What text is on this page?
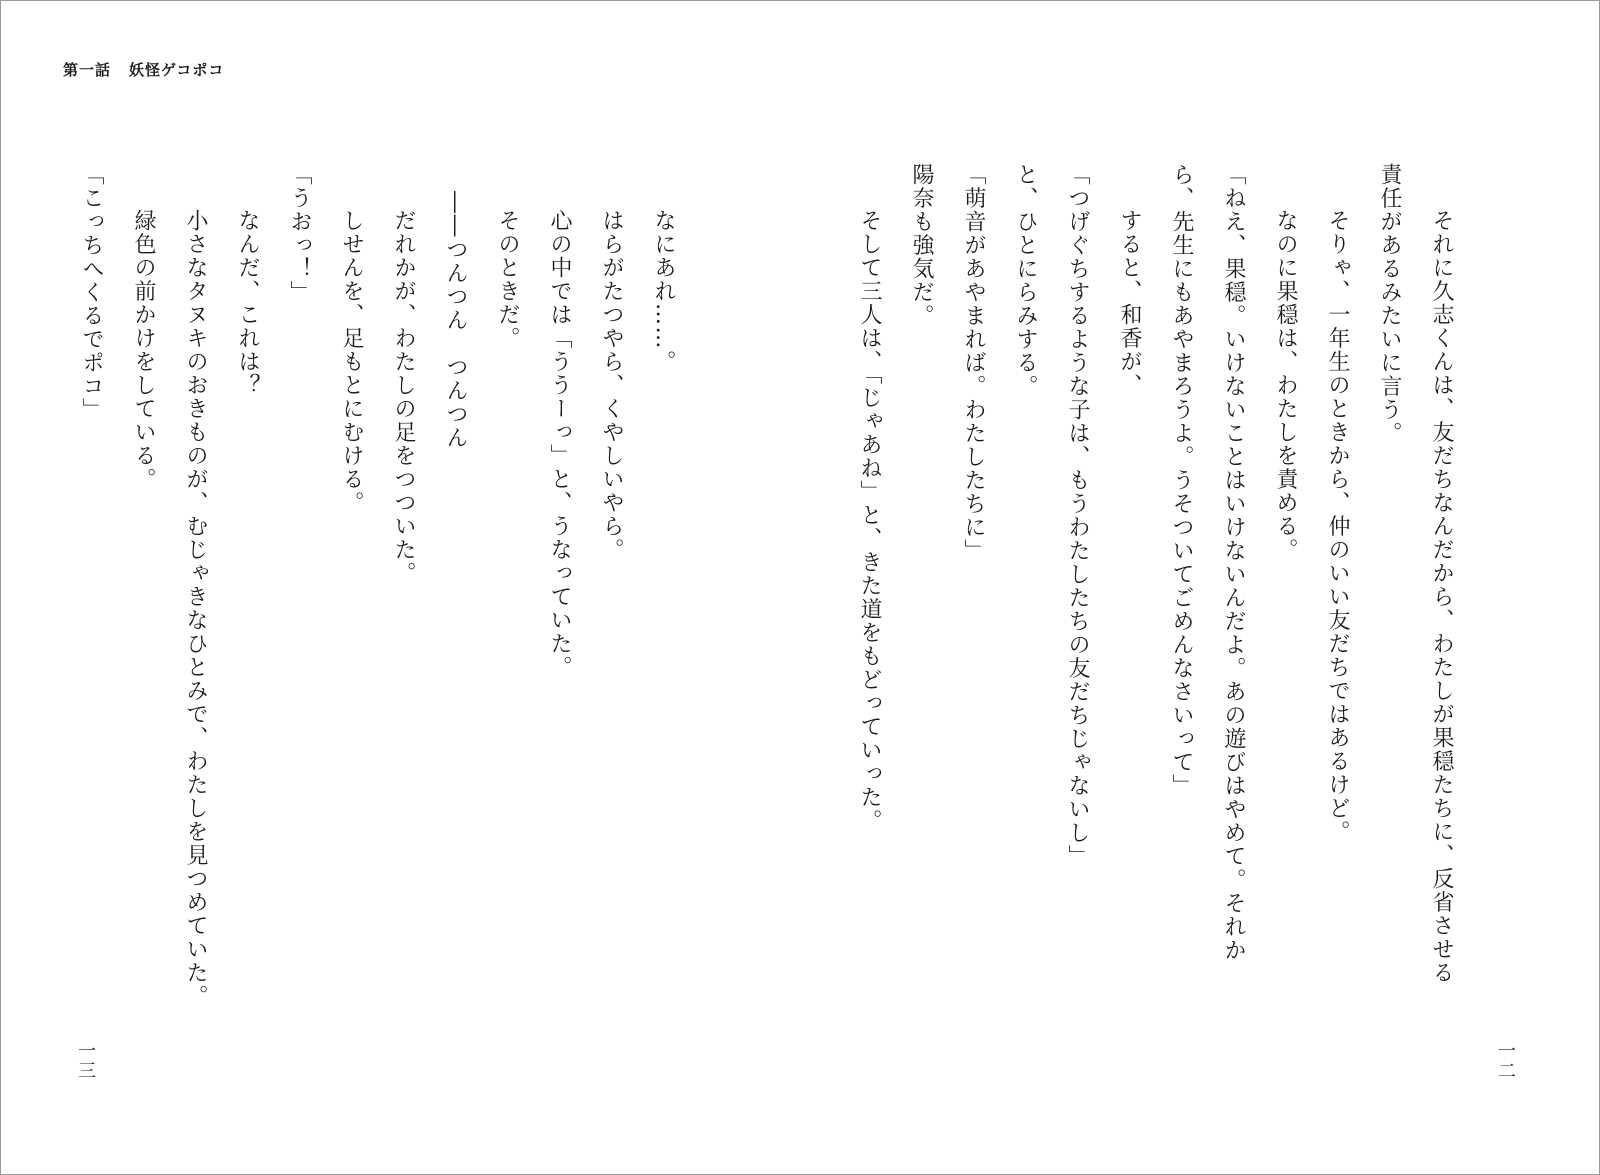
第一話 妖怪ゲコポコ
それに久志くんは、友だちなんだから、わたしが果穏たちに、反省させる
責任があるみたいに言う。
そりゃ、一年生のときから、仲のいい友だちではあるけど。
なのに果穏は、わたしを責める。
「ねえ、果穏。いけないことはいけないんだよ。あの遊びはやめて。それか
ら、先生にもあやまろうよ。うそついてごめんなさいって」
すると、和香が、
「つげぐちするような子は、もうわたしたちの友だちじゃないし」
と、ひとにらみする。
「萌音があやまれば。わたしたちに」
陽奈も強気だ。
そして三人は、「じゃあね」と、きた道をもどっていった。
一二
なにあれ……。
はらがたつやら、くやしいやら。
心の中では「ううーっ」と、うなっていた。
そのときだ。
――つんつん　つんつん
だれかが、わたしの足をつついた。
しせんを、足もとにむける。
「うおっ！」
なんだ、これは？
小さなタヌキのおきものが、むじゃきなひとみで、わたしを見つめていた。
緑色の前かけをしている。
「こっちへくるでポコ」
一三
